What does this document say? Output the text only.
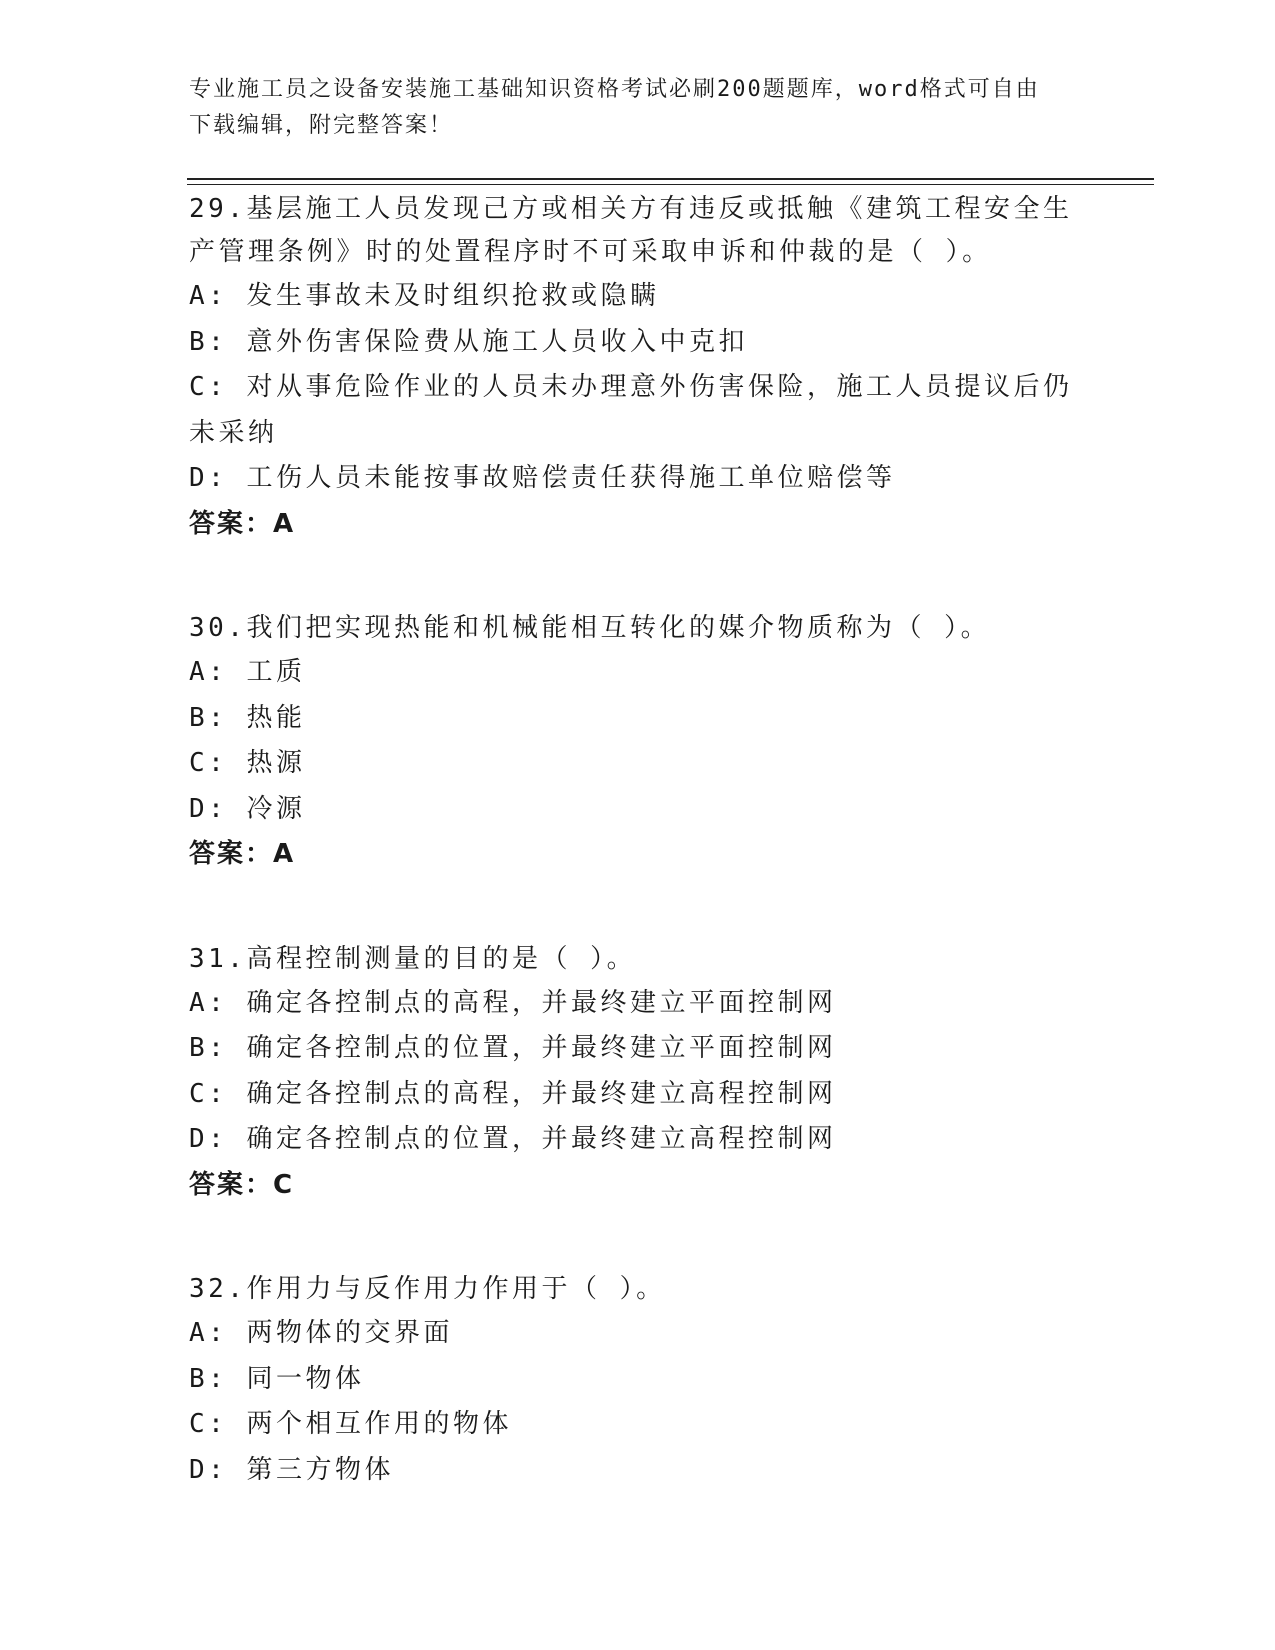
专业施工员之设备安装施工基础知识资格考试必刷200题题库，word格式可自由
下载编辑，附完整答案！
29.基层施工人员发现己方或相关方有违反或抵触《建筑工程安全生产管理条例》时的处置程序时不可采取申诉和仲裁的是（ ）。
A: 发生事故未及时组织抢救或隐瞒
B: 意外伤害保险费从施工人员收入中克扣
C: 对从事危险作业的人员未办理意外伤害保险，施工人员提议后仍未采纳
D: 工伤人员未能按事故赔偿责任获得施工单位赔偿等
答案：A
30.我们把实现热能和机械能相互转化的媒介物质称为（ ）。
A: 工质
B: 热能
C: 热源
D: 冷源
答案：A
31.高程控制测量的目的是（ ）。
A: 确定各控制点的高程，并最终建立平面控制网
B: 确定各控制点的位置，并最终建立平面控制网
C: 确定各控制点的高程，并最终建立高程控制网
D: 确定各控制点的位置，并最终建立高程控制网
答案：C
32.作用力与反作用力作用于（ ）。
A: 两物体的交界面
B: 同一物体
C: 两个相互作用的物体
D: 第三方物体
